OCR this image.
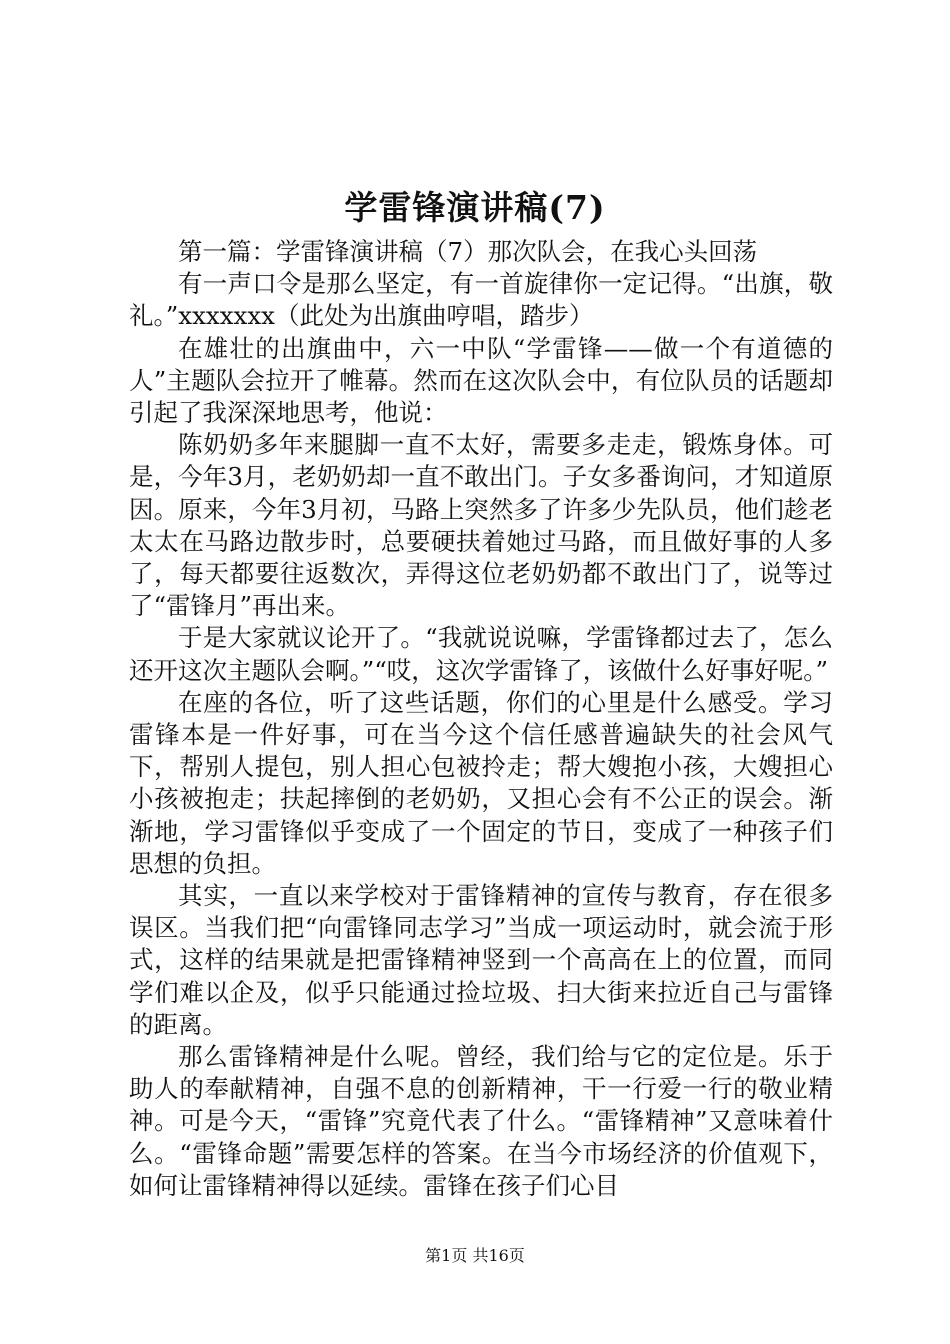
学雷锋演讲稿(7)

第一篇：学雷锋演讲稿（7）那次队会，在我心头回荡

有一声口令是那么坚定，有一首旋律你一定记得。“出旗，敬礼。”xxxxxxx（此处为出旗曲哼唱，踏步）

在雄壮的出旗曲中，六一中队“学雷锋——做一个有道德的人”主题队会拉开了帷幕。然而在这次队会中，有位队员的话题却引起了我深深地思考，他说：

陈奶奶多年来腿脚一直不太好，需要多走走，锻炼身体。可是，今年3月，老奶奶却一直不敢出门。子女多番询问，才知道原因。原来，今年3月初，马路上突然多了许多少先队员，他们趁老太太在马路边散步时，总要硬扶着她过马路，而且做好事的人多了，每天都要往返数次，弄得这位老奶奶都不敢出门了，说等过了“雷锋月”再出来。

于是大家就议论开了。“我就说说嘛，学雷锋都过去了，怎么还开这次主题队会啊。”“哎，这次学雷锋了，该做什么好事好呢。”

在座的各位，听了这些话题，你们的心里是什么感受。学习雷锋本是一件好事，可在当今这个信任感普遍缺失的社会风气下，帮别人提包，别人担心包被拎走；帮大嫂抱小孩，大嫂担心小孩被抱走；扶起摔倒的老奶奶，又担心会有不公正的误会。渐渐地，学习雷锋似乎变成了一个固定的节日，变成了一种孩子们思想的负担。

其实，一直以来学校对于雷锋精神的宣传与教育，存在很多误区。当我们把“向雷锋同志学习”当成一项运动时，就会流于形式，这样的结果就是把雷锋精神竖到一个高高在上的位置，而同学们难以企及，似乎只能通过捡垃圾、扫大街来拉近自己与雷锋的距离。

那么雷锋精神是什么呢。曾经，我们给与它的定位是。乐于助人的奉献精神，自强不息的创新精神，干一行爱一行的敬业精神。可是今天，“雷锋”究竟代表了什么。“雷锋精神”又意味着什么。“雷锋命题”需要怎样的答案。在当今市场经济的价值观下，如何让雷锋精神得以延续。雷锋在孩子们心目

第1页 共16页
